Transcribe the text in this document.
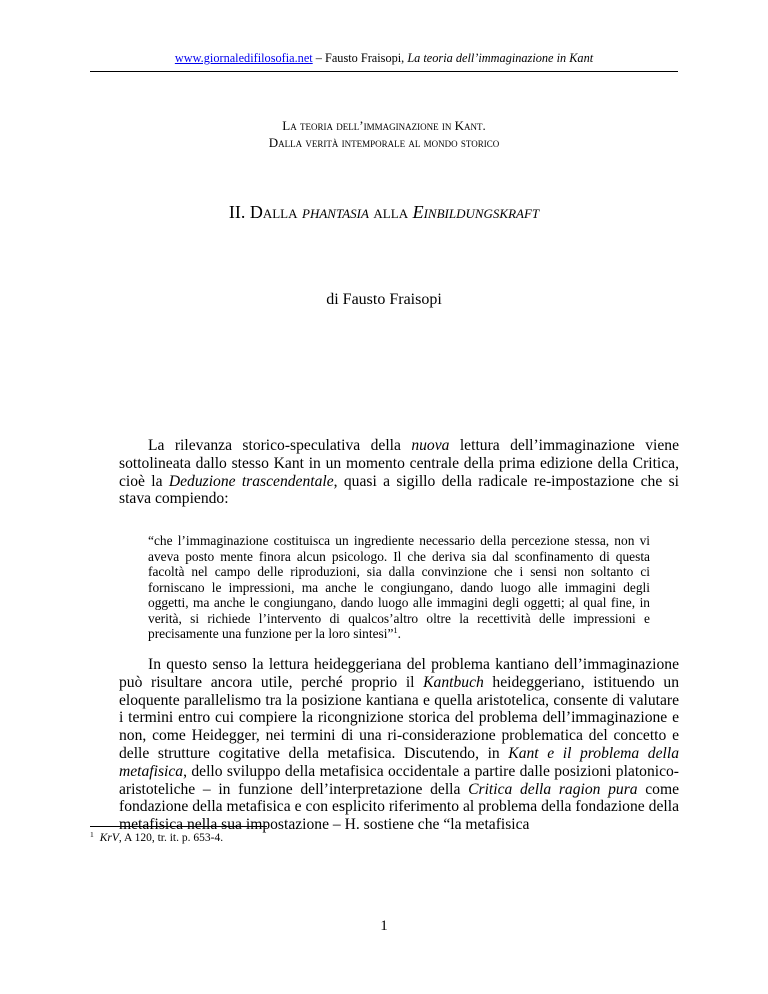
www.giornaledifilosofia.net – Fausto Fraisopi, La teoria dell’immaginazione in Kant
La teoria dell’immaginazione in Kant.
Dalla verità intemporale al mondo storico
II. Dalla phantasia alla Einbildungskraft
di Fausto Fraisopi

La rilevanza storico-speculativa della nuova lettura dell’immaginazione viene sottolineata dallo stesso Kant in un momento centrale della prima edizione della Critica, cioè la Deduzione trascendentale, quasi a sigillo della radicale re-impostazione che si stava compiendo:

“che l’immaginazione costituisca un ingrediente necessario della percezione stessa, non vi aveva posto mente finora alcun psicologo. Il che deriva sia dal sconfinamento di questa facoltà nel campo delle riproduzioni, sia dalla convinzione che i sensi non soltanto ci forniscano le impressioni, ma anche le congiungano, dando luogo alle immagini degli oggetti, ma anche le congiungano, dando luogo alle immagini degli oggetti; al qual fine, in verità, si richiede l’intervento di qualcos’altro oltre la recettività delle impressioni e precisamente una funzione per la loro sintesi”$^1$.

In questo senso la lettura heideggeriana del problema kantiano dell’immaginazione può risultare ancora utile, perché proprio il Kantbuch heideggeriano, istituendo un eloquente parallelismo tra la posizione kantiana e quella aristotelica, consente di valutare i termini entro cui compiere la ricongnizione storica del problema dell’immaginazione e non, come Heidegger, nei termini di una ri-considerazione problematica del concetto e delle strutture cogitative della metafisica. Discutendo, in Kant e il problema della metafisica, dello sviluppo della metafisica occidentale a partire dalle posizioni platonico-aristoteliche – in funzione dell’interpretazione della Critica della ragion pura come fondazione della metafisica e con esplicito riferimento al problema della fondazione della metafisica nella sua impostazione – H. sostiene che “la metafisica

$^1$ KrV, A 120, tr. it. p. 653-4.
1
